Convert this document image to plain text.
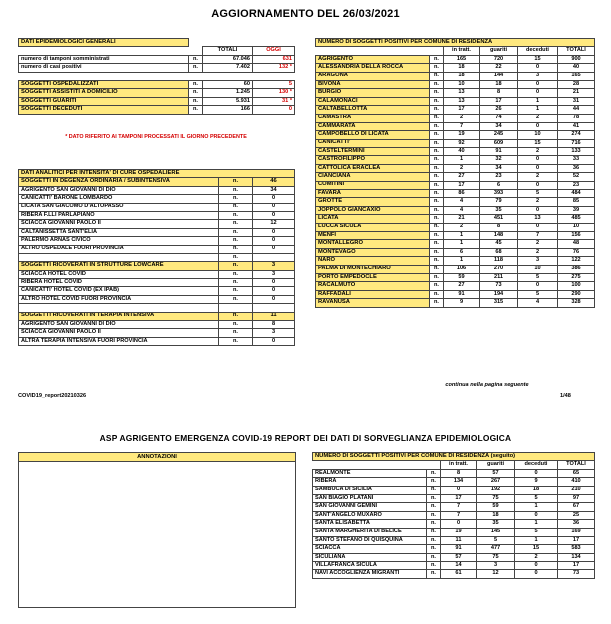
AGGIORNAMENTO DEL 26/03/2021
DATI EPIDEMIOLOGICI GENERALI			
		TOTALI	OGGI
numero di tamponi somministrati	n.	67.046	631
numero di casi positivi	n.	7.402	132 *

SOGGETTI OSPEDALIZZATI	n.	60	5
SOGGETTI ASSISTITI A DOMICILIO	n.	1.245	130 *
SOGGETTI GUARITI	n.	5.931	31 *
SOGGETTI DECEDUTI	n.	166	0
* DATO RIFERITO AI TAMPONI PROCESSATI IL GIORNO PRECEDENTE
DATI ANALITICI PER INTENSITA' DI CURE OSPEDALIERE		
SOGGETTI IN DEGENZA ORDINARIA / SUBINTENSIVA	n.	46
AGRIGENTO SAN GIOVANNI DI DIO	n.	34
CANICATTI' BARONE LOMBARDO	n.	0
LICATA SAN GIACOMO D'ALTOPASSO	n.	0
RIBERA F.LLI PARLAPIANO	n.	0
SCIACCA GIOVANNI PAOLO II	n.	12
CALTANISSETTA SANT'ELIA	n.	0
PALERMO ARNAS CIVICO	n.	0
ALTRO OSPEDALE FUORI PROVINCIA	n.	0
	n.	
SOGGETTI RICOVERATI IN STRUTTURE LOWCARE	n.	3
SCIACCA HOTEL COVID	n.	3
RIBERA HOTEL COVID	n.	0
CANICATTI' HOTEL COVID (EX IPAB)	n.	0
ALTRO HOTEL COVID FUORI PROVINCIA	n.	0

SOGGETTI RICOVERATI IN TERAPIA INTENSIVA	n.	11
AGRIGENTO SAN GIOVANNI DI DIO	n.	8
SCIACCA GIOVANNI PAOLO II	n.	3
ALTRA TERAPIA INTENSIVA FUORI PROVINCIA	n.	0
NUMERO DI SOGGETTI POSITIVI PER COMUNE DI RESIDENZA					
		in tratt.	guariti	deceduti	TOTALI
AGRIGENTO	n.	165	720	15	900
ALESSANDRIA DELLA ROCCA	n.	18	22	0	40
ARAGONA	n.	18	144	3	165
BIVONA	n.	10	18	0	28
BURGIO	n.	13	8	0	21
CALAMONACI	n.	13	17	1	31
CALTABELLOTTA	n.	17	26	1	44
CAMASTRA	n.	2	74	2	78
CAMMARATA	n.	7	34	0	41
CAMPOBELLO DI LICATA	n.	19	245	10	274
CANICATTI'	n.	92	609	15	716
CASTELTERMINI	n.	40	91	2	133
CASTROFILIPPO	n.	1	32	0	33
CATTOLICA ERACLEA	n.	2	34	0	36
CIANCIANA	n.	27	23	2	52
COMITINI	n.	17	6	0	23
FAVARA	n.	86	393	5	484
GROTTE	n.	4	79	2	85
JOPPOLO GIANCAXIO	n.	4	35	0	39
LICATA	n.	21	451	13	485
LUCCA SICULA	n.	2	8	0	10
MENFI	n.	1	148	7	156
MONTALLEGRO	n.	1	45	2	48
MONTEVAGO	n.	6	68	2	76
NARO	n.	1	118	3	122
PALMA DI MONTECHIARO	n.	106	270	10	386
PORTO EMPEDOCLE	n.	59	211	5	275
RACALMUTO	n.	27	73	0	100
RAFFADALI	n.	91	194	5	290
RAVANUSA	n.	9	315	4	328
continua nella pagina seguente
COVID19_report20210326	1/48
ASP AGRIGENTO EMERGENZA COVID-19 REPORT DEI DATI DI SORVEGLIANZA EPIDEMIOLOGICA
ANNOTAZIONI	NUMERO DI SOGGETTI POSITIVI PER COMUNE DI RESIDENZA (seguito)					
		in tratt.	guariti	deceduti	TOTALI
REALMONTE	n.	8	57	0	65
RIBERA	n.	134	267	9	410
SAMBUCA DI SICILIA	n.	0	192	18	210
SAN BIAGIO PLATANI	n.	17	75	5	97
SAN GIOVANNI GEMINI	n.	7	59	1	67
SANT'ANGELO MUXARO	n.	7	18	0	25
SANTA ELISABETTA	n.	0	35	1	36
SANTA MARGHERITA DI BELICE	n.	19	145	5	169
SANTO STEFANO DI QUISQUINA	n.	11	5	1	17
SCIACCA	n.	91	477	15	583
SICULIANA	n.	57	75	2	134
VILLAFRANCA SICULA	n.	14	3	0	17
NAVI ACCOGLIENZA MIGRANTI	n.	61	12	0	73
